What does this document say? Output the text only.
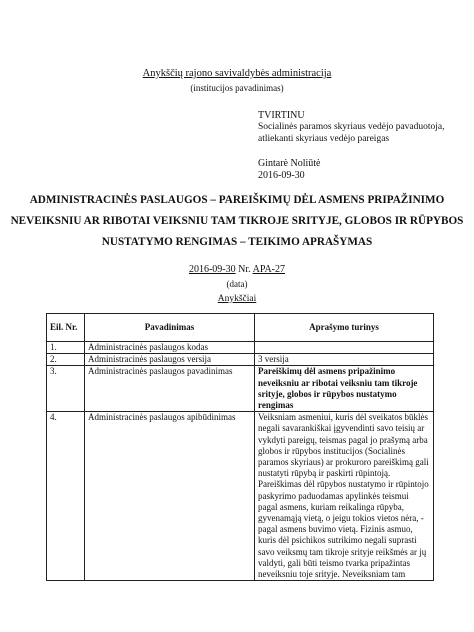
Anykščių rajono savivaldybės administracija
(institucijos pavadinimas)
TVIRTINU
Socialinės paramos skyriaus vedėjo pavaduotoja,
atliekanti skyriaus vedėjo pareigas
Gintarė Noliūtė
2016-09-30
ADMINISTRACINĖS PASLAUGOS – PAREIŠKIMŲ DĖL ASMENS PRIPAŽINIMO
NEVEIKSNIU AR RIBOTAI VEIKSNIU TAM TIKROJE SRITYJE, GLOBOS IR RŪPYBOS
NUSTATYMO RENGIMAS – TEIKIMO APRAŠYMAS
2016-09-30 Nr. APA-27
(data)
Anykščiai
Eil. Nr.	Pavadinimas	Aprašymo turinys
1.	Administracinės paslaugos kodas	
2.	Administracinės paslaugos versija	3 versija
3.	Administracinės paslaugos pavadinimas	Pareiškimų dėl asmens pripažinimo neveiksniu ar ribotai veiksniu tam tikroje srityje, globos ir rūpybos nustatymo rengimas
4.	Administracinės paslaugos apibūdinimas	Veiksniam asmeniui, kuris dėl sveikatos būklės negali savarankiškai įgyvendinti savo teisių ar vykdyti pareigų, teismas pagal jo prašymą arba globos ir rūpybos institucijos (Socialinės paramos skyriaus) ar prokuroro pareiškimą gali nustatyti rūpybą ir paskirti rūpintoją. Pareiškimas dėl rūpybos nustatymo ir rūpintojo paskyrimo paduodamas apylinkės teismui pagal asmens, kuriam reikalinga rūpyba, gyvenamąją vietą, o jeigu tokios vietos nėra, - pagal asmens buvimo vietą. Fizinis asmuo, kuris dėl psichikos sutrikimo negali suprasti savo veiksmų tam tikroje srityje reikšmės ar jų valdyti, gali būti teismo tvarka pripažintas neveiksniu toje srityje. Neveiksniam tam
